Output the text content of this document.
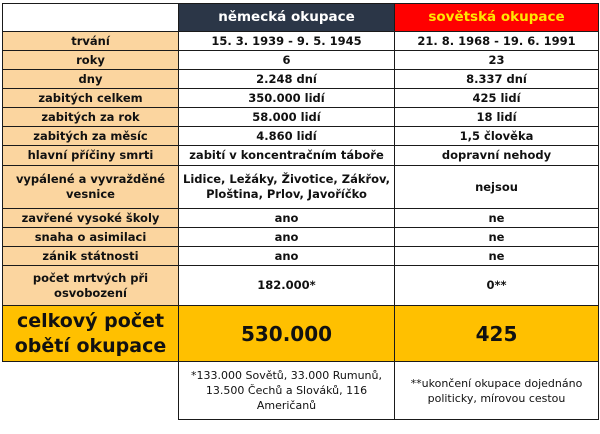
	německá okupace	sovětská okupace
trvání	15. 3. 1939 - 9. 5. 1945	21. 8. 1968 - 19. 6. 1991
roky	6	23
dny	2.248 dní	8.337 dní
zabitých celkem	350.000 lidí	425 lidí
zabitých za rok	58.000 lidí	18 lidí
zabitých za měsíc	4.860 lidí	1,5 člověka
hlavní příčiny smrti	zabití v koncentračním táboře	dopravní nehody
vypálené a vyvražděné vesnice	Lidice, Ležáky, Životice, Zákřov, Ploština, Prlov, Javoříčko	nejsou
zavřené vysoké školy	ano	ne
snaha o asimilaci	ano	ne
zánik státnosti	ano	ne
počet mrtvých při osvobození	182.000*	0**
celkový počet obětí okupace	530.000	425
	*133.000 Sovětů, 33.000 Rumunů, 13.500 Čechů a Slováků, 116 Američanů	**ukončení okupace dojednáno politicky, mírovou cestou
